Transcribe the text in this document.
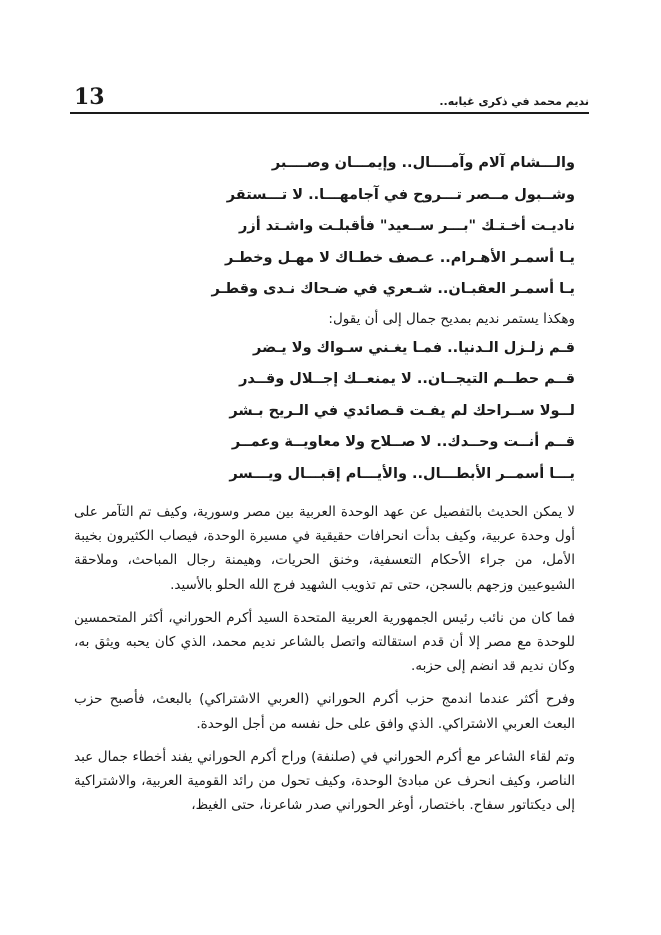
13	نديم محمد في ذكرى غيابه..
والـــشام آلام وآمــــال.. وإيمـــان وصــــبر
وشــبول مــصر تـــروح في آجامهـــا.. لا تـــستقر
ناديـت أخـتـك "بـــر ســعيد" فأقبلـت واشـتد أزر
يـا أسمـر الأهـرام.. عـصف خطـاك لا مهـل وخطـر
يـا أسمـر العقبـان.. شـعري في ضـحاك نـدى وقطـر

وهكذا يستمر نديم بمديح جمال إلى أن يقول:

قـم زلـزل الـدنيا.. فمـا يغـني سـواك ولا يـضر
قــم حطــم التيجــان.. لا يمنعــك إجــلال وقــدر
لــولا ســراحك لم يفـت قـصائدي في الـريح بـشر
قــم أنــت وحــدك.. لا صــلاح ولا معاويــة وعمــر
يـــا أسمــر الأبطـــال.. والأيـــام إقبـــال ويـــسر

لا يمكن الحديث بالتفصيل عن عهد الوحدة العربية بين مصر وسورية، وكيف تم التآمر على أول وحدة عربية، وكيف بدأت انحرافات حقيقية في مسيرة الوحدة، فيصاب الكثيرون بخيبة الأمل، من جراء الأحكام التعسفية، وخنق الحريات، وهيمنة رجال المباحث، وملاحقة الشيوعيين وزجهم بالسجن، حتى تم تذويب الشهيد فرج الله الحلو بالأسيد.

فما كان من نائب رئيس الجمهورية العربية المتحدة السيد أكرم الحوراني، أكثر المتحمسين للوحدة مع مصر إلا أن قدم استقالته واتصل بالشاعر نديم محمد، الذي كان يحبه ويثق به، وكان نديم قد انضم إلى حزبه.

وفرح أكثر عندما اندمج حزب أكرم الحوراني (العربي الاشتراكي) بالبعث، فأصبح حزب البعث العربي الاشتراكي. الذي وافق على حل نفسه من أجل الوحدة.

وتم لقاء الشاعر مع أكرم الحوراني في (صلنفة) وراح أكرم الحوراني يفند أخطاء جمال عبد الناصر، وكيف انحرف عن مبادئ الوحدة، وكيف تحول من رائد القومية العربية، والاشتراكية إلى ديكتاتور سفاح. باختصار، أوغر الحوراني صدر شاعرنا، حتى الغيظ،
